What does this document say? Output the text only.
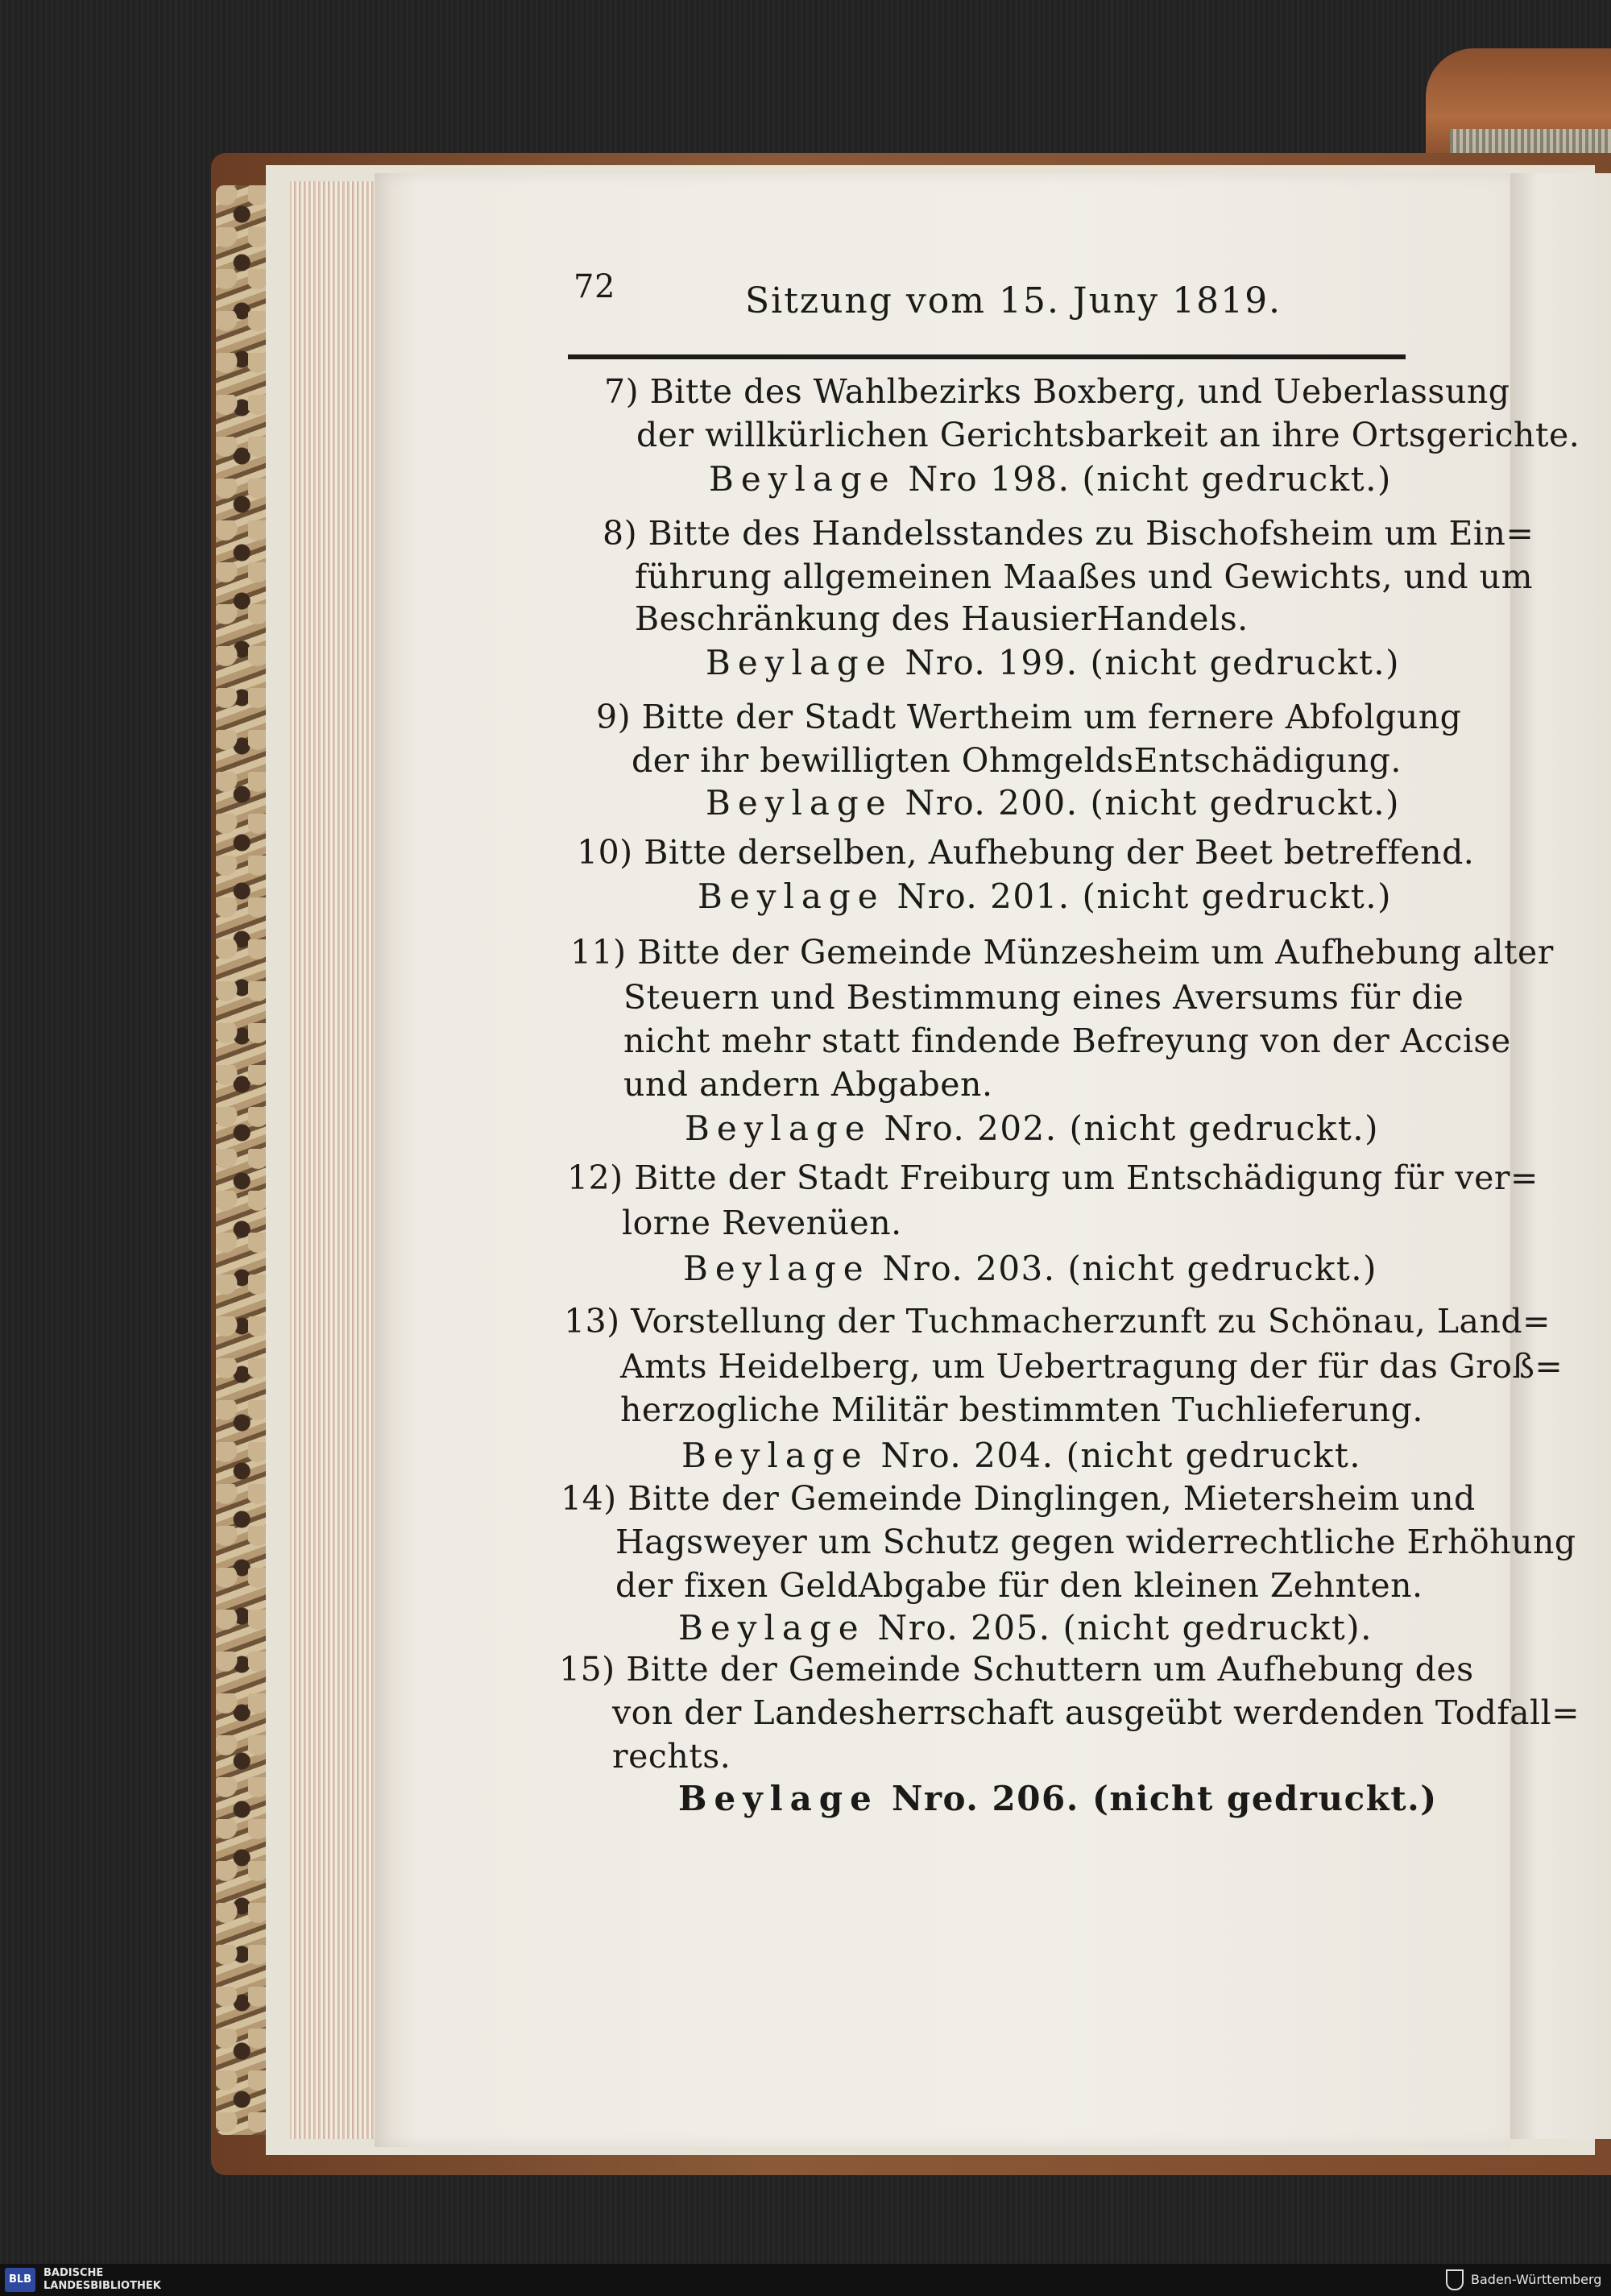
72	Sitzung vom 15. Juny 1819.
7) Bitte des Wahlbezirks Boxberg, und Ueberlassung
der willkürlichen Gerichtsbarkeit an ihre Ortsgerichte.
Beylage Nro 198. (nicht gedruckt.)
8) Bitte des Handelsstandes zu Bischofsheim um Ein=
führung allgemeinen Maaßes und Gewichts, und um
Beschränkung des HausierHandels.
Beylage Nro. 199. (nicht gedruckt.)
9) Bitte der Stadt Wertheim um fernere Abfolgung
der ihr bewilligten OhmgeldsEntschädigung.
Beylage Nro. 200. (nicht gedruckt.)
10) Bitte derselben, Aufhebung der Beet betreffend.
Beylage Nro. 201. (nicht gedruckt.)
11) Bitte der Gemeinde Münzesheim um Aufhebung alter
Steuern und Bestimmung eines Aversums für die
nicht mehr statt findende Befreyung von der Accise
und andern Abgaben.
Beylage Nro. 202. (nicht gedruckt.)
12) Bitte der Stadt Freiburg um Entschädigung für ver=
lorne Revenüen.
Beylage Nro. 203. (nicht gedruckt.)
13) Vorstellung der Tuchmacherzunft zu Schönau, Land=
Amts Heidelberg, um Uebertragung der für das Groß=
herzogliche Militär bestimmten Tuchlieferung.
Beylage Nro. 204. (nicht gedruckt.
14) Bitte der Gemeinde Dinglingen, Mietersheim und
Hagsweyer um Schutz gegen widerrechtliche Erhöhung
der fixen GeldAbgabe für den kleinen Zehnten.
Beylage Nro. 205. (nicht gedruckt).
15) Bitte der Gemeinde Schuttern um Aufhebung des
von der Landesherrschaft ausgeübt werdenden Todfall=
rechts.
Beylage Nro. 206. (nicht gedruckt.)
BLB
BADISCHE
LANDESBIBLIOTHEK	Baden-Württemberg
